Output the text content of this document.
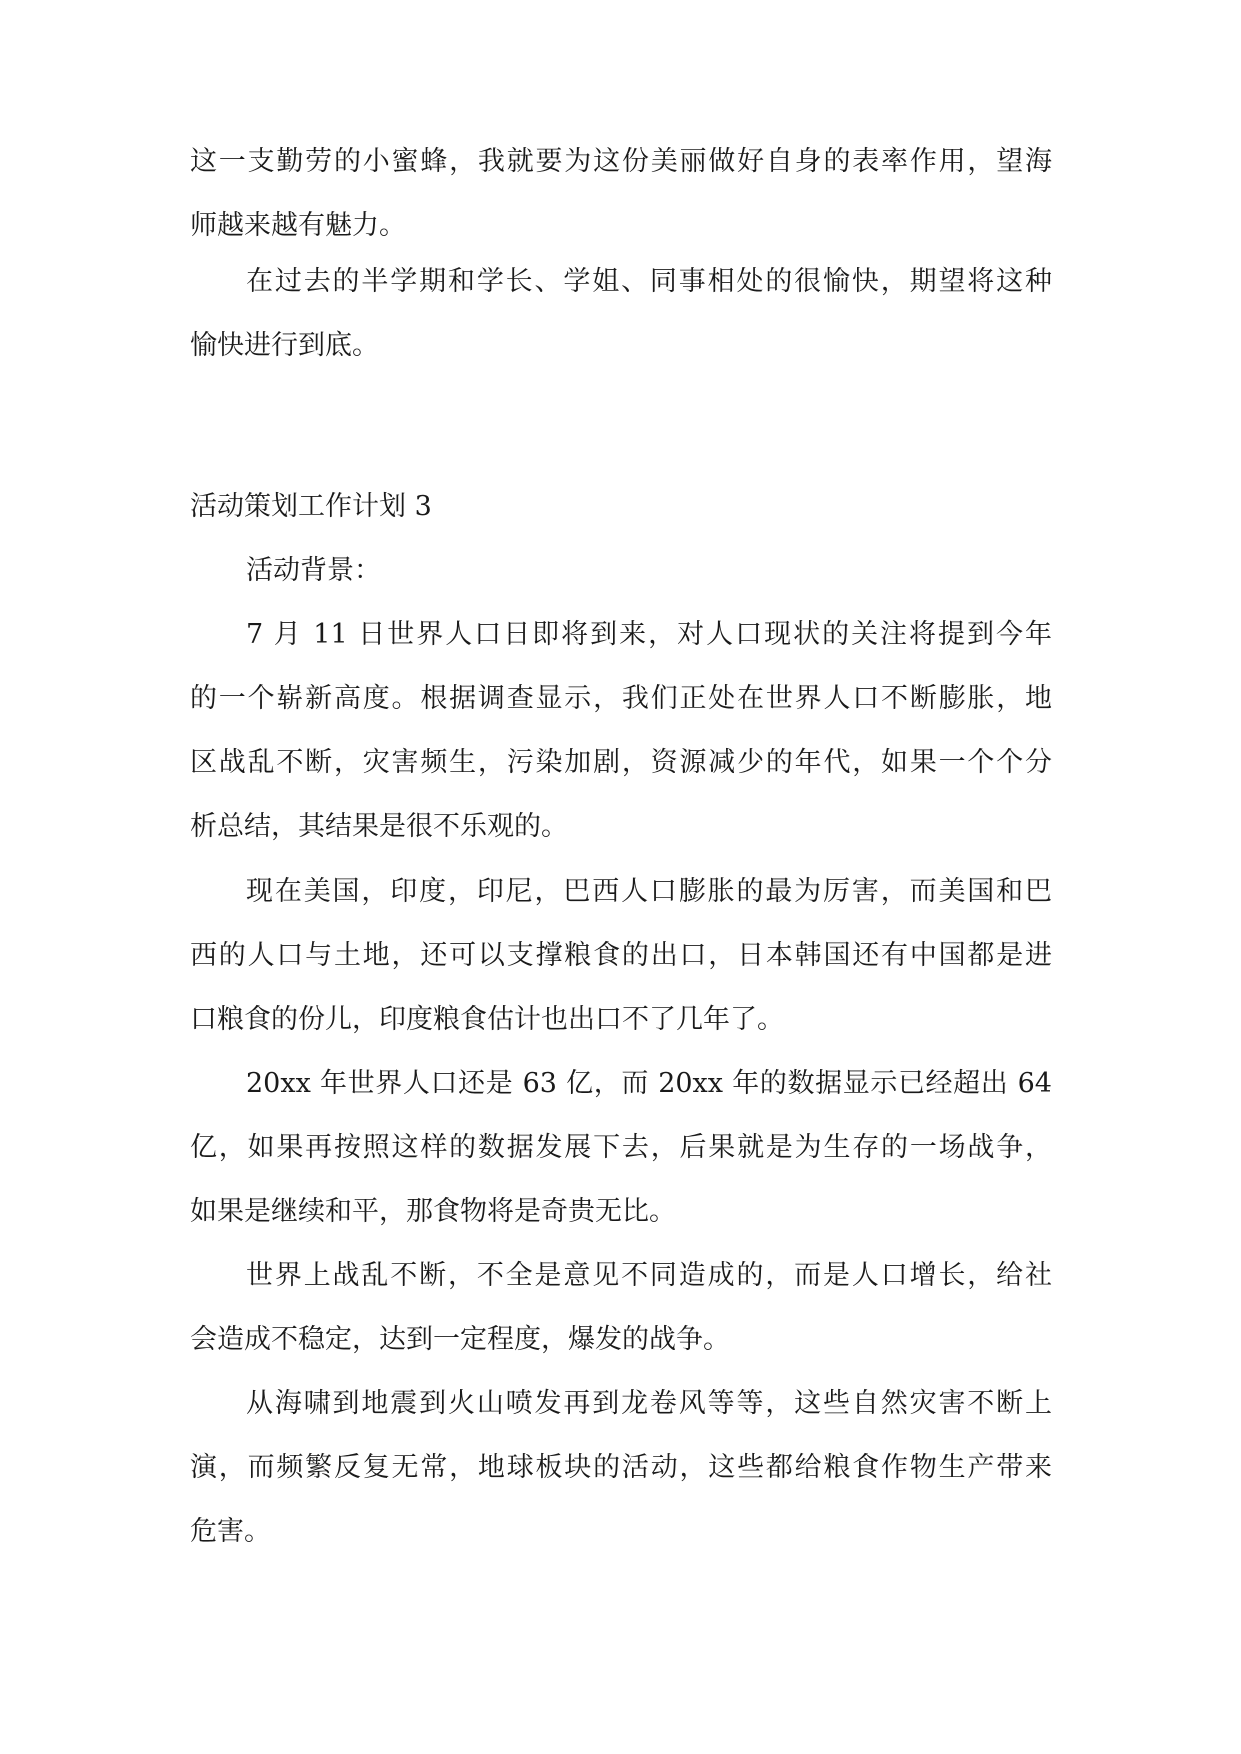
这一支勤劳的小蜜蜂，我就要为这份美丽做好自身的表率作用，望海
师越来越有魅力。
在过去的半学期和学长、学姐、同事相处的很愉快，期望将这种
愉快进行到底。
活动策划工作计划 3
活动背景：
7 月 11 日世界人口日即将到来，对人口现状的关注将提到今年
的一个崭新高度。根据调查显示，我们正处在世界人口不断膨胀，地
区战乱不断，灾害频生，污染加剧，资源减少的年代，如果一个个分
析总结，其结果是很不乐观的。
现在美国，印度，印尼，巴西人口膨胀的最为厉害，而美国和巴
西的人口与土地，还可以支撑粮食的出口，日本韩国还有中国都是进
口粮食的份儿，印度粮食估计也出口不了几年了。
20xx 年世界人口还是 63 亿，而 20xx 年的数据显示已经超出 64
亿，如果再按照这样的数据发展下去，后果就是为生存的一场战争，
如果是继续和平，那食物将是奇贵无比。
世界上战乱不断，不全是意见不同造成的，而是人口增长，给社
会造成不稳定，达到一定程度，爆发的战争。
从海啸到地震到火山喷发再到龙卷风等等，这些自然灾害不断上
演，而频繁反复无常，地球板块的活动，这些都给粮食作物生产带来
危害。
